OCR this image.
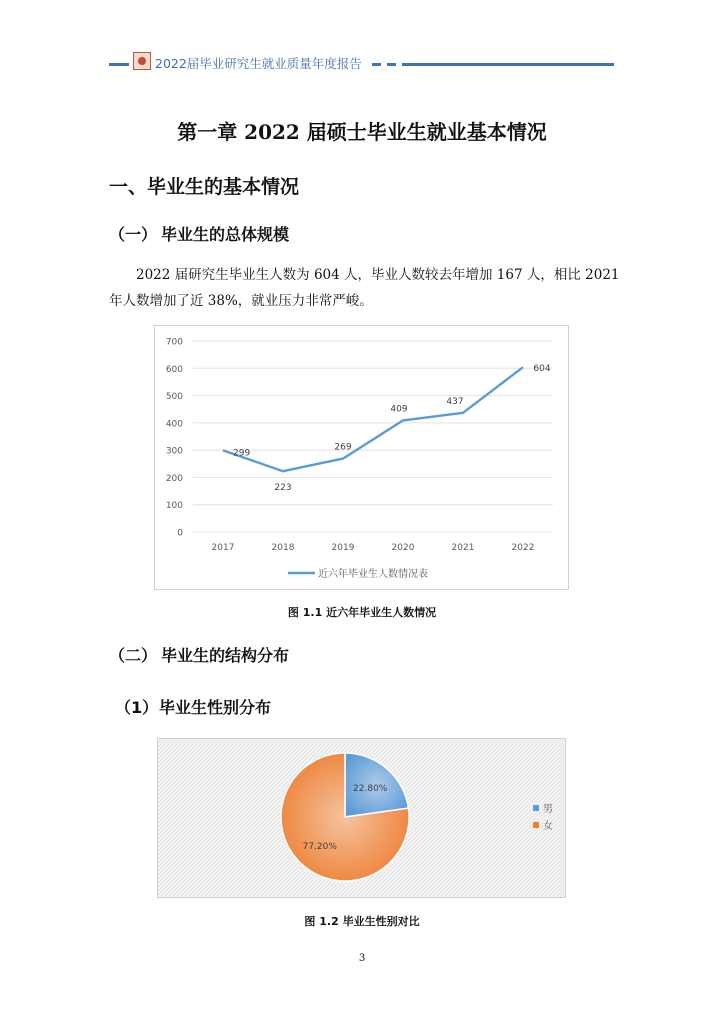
2022届毕业研究生就业质量年度报告
第一章 2022 届硕士毕业生就业基本情况
一、毕业生的基本情况
（一） 毕业生的总体规模
2022 届研究生毕业生人数为 604 人，毕业人数较去年增加 167 人，相比 2021
年人数增加了近 38%，就业压力非常严峻。
0
100
200
300
400
500
600
700
2017	2018	2019	2020	2021	2022
299
223
269
409
437
604
近六年毕业生人数情况表
图 1.1 近六年毕业生人数情况
（二） 毕业生的结构分布
（1）毕业生性别分布
22.80%
77.20%
男
女
图 1.2 毕业生性别对比
3
